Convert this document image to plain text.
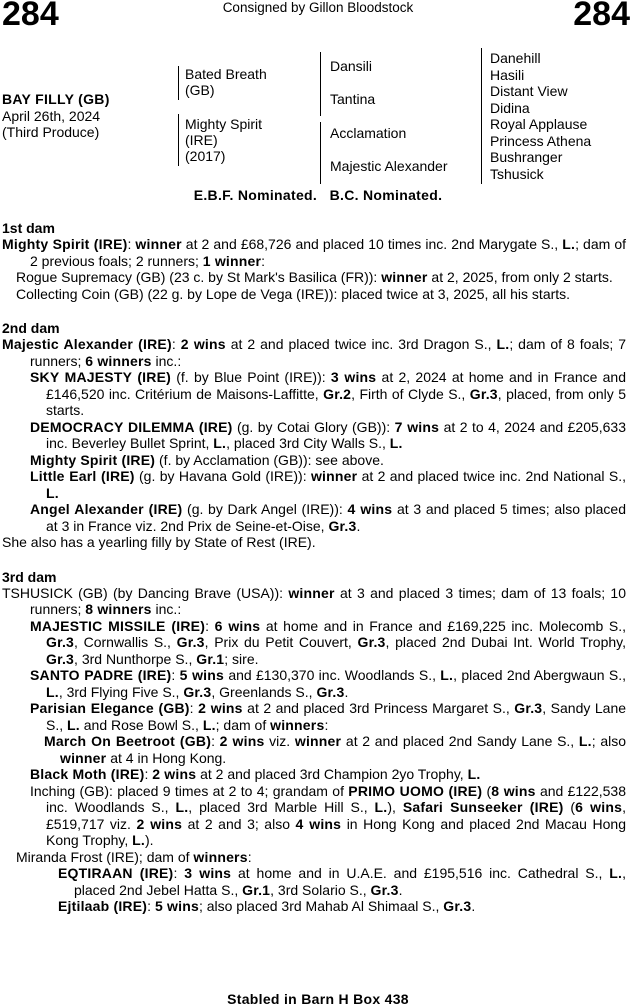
284	284
Consigned by Gillon Bloodstock
BAY FILLY (GB)
April 26th, 2024
(Third Produce)
Bated Breath
(GB)
Mighty Spirit
(IRE)
(2017)
Dansili
Tantina
Acclamation
Majestic Alexander
Danehill
Hasili
Distant View
Didina
Royal Applause
Princess Athena
Bushranger
Tshusick
E.B.F. Nominated.   B.C. Nominated.
1st dam
Mighty Spirit (IRE): winner at 2 and £68,726 and placed 10 times inc. 2nd Marygate S., L.; dam of 2 previous foals; 2 runners; 1 winner:
Rogue Supremacy (GB) (23 c. by St Mark's Basilica (FR)): winner at 2, 2025, from only 2 starts.
Collecting Coin (GB) (22 g. by Lope de Vega (IRE)): placed twice at 3, 2025, all his starts.
2nd dam
Majestic Alexander (IRE): 2 wins at 2 and placed twice inc. 3rd Dragon S., L.; dam of 8 foals; 7 runners; 6 winners inc.:
SKY MAJESTY (IRE) (f. by Blue Point (IRE)): 3 wins at 2, 2024 at home and in France and £146,520 inc. Critérium de Maisons-Laffitte, Gr.2, Firth of Clyde S., Gr.3, placed, from only 5 starts.
DEMOCRACY DILEMMA (IRE) (g. by Cotai Glory (GB)): 7 wins at 2 to 4, 2024 and £205,633 inc. Beverley Bullet Sprint, L., placed 3rd City Walls S., L.
Mighty Spirit (IRE) (f. by Acclamation (GB)): see above.
Little Earl (IRE) (g. by Havana Gold (IRE)): winner at 2 and placed twice inc. 2nd National S., L.
Angel Alexander (IRE) (g. by Dark Angel (IRE)): 4 wins at 3 and placed 5 times; also placed at 3 in France viz. 2nd Prix de Seine-et-Oise, Gr.3.
She also has a yearling filly by State of Rest (IRE).
3rd dam
TSHUSICK (GB) (by Dancing Brave (USA)): winner at 3 and placed 3 times; dam of 13 foals; 10 runners; 8 winners inc.:
MAJESTIC MISSILE (IRE): 6 wins at home and in France and £169,225 inc. Molecomb S., Gr.3, Cornwallis S., Gr.3, Prix du Petit Couvert, Gr.3, placed 2nd Dubai Int. World Trophy, Gr.3, 3rd Nunthorpe S., Gr.1; sire.
SANTO PADRE (IRE): 5 wins and £130,370 inc. Woodlands S., L., placed 2nd Abergwaun S., L., 3rd Flying Five S., Gr.3, Greenlands S., Gr.3.
Parisian Elegance (GB): 2 wins at 2 and placed 3rd Princess Margaret S., Gr.3, Sandy Lane S., L. and Rose Bowl S., L.; dam of winners:
March On Beetroot (GB): 2 wins viz. winner at 2 and placed 2nd Sandy Lane S., L.; also winner at 4 in Hong Kong.
Black Moth (IRE): 2 wins at 2 and placed 3rd Champion 2yo Trophy, L.
Inching (GB): placed 9 times at 2 to 4; grandam of PRIMO UOMO (IRE) (8 wins and £122,538 inc. Woodlands S., L., placed 3rd Marble Hill S., L.), Safari Sunseeker (IRE) (6 wins, £519,717 viz. 2 wins at 2 and 3; also 4 wins in Hong Kong and placed 2nd Macau Hong Kong Trophy, L.).
Miranda Frost (IRE); dam of winners:
EQTIRAAN (IRE): 3 wins at home and in U.A.E. and £195,516 inc. Cathedral S., L., placed 2nd Jebel Hatta S., Gr.1, 3rd Solario S., Gr.3.
Ejtilaab (IRE): 5 wins; also placed 3rd Mahab Al Shimaal S., Gr.3.
Stabled in Barn H Box 438
